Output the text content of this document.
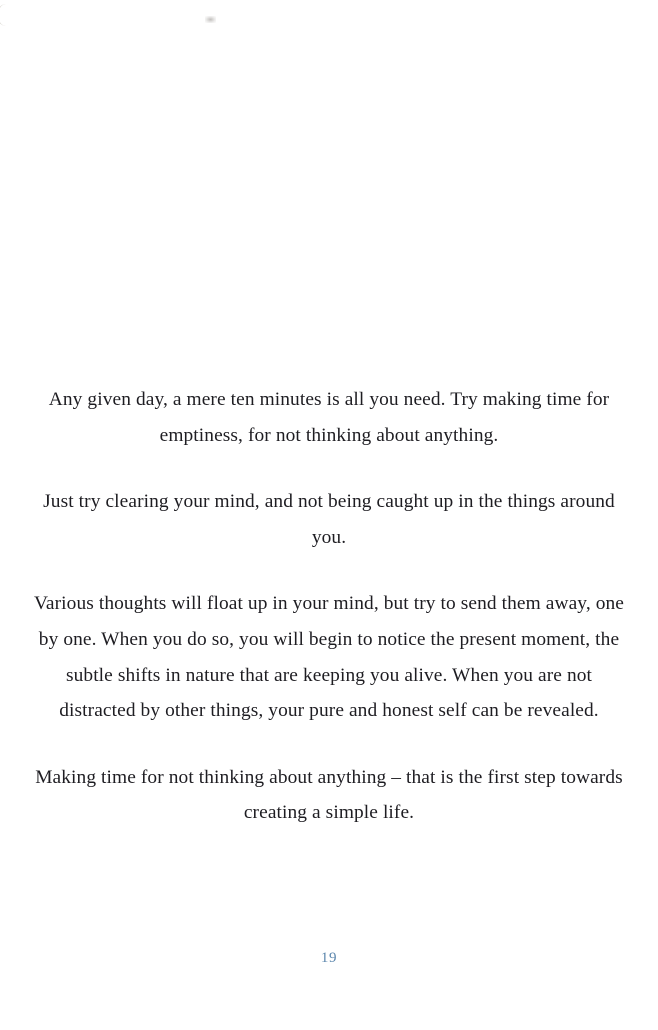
Any given day, a mere ten minutes is all you need. Try making time for emptiness, for not thinking about anything.

Just try clearing your mind, and not being caught up in the things around you.

Various thoughts will float up in your mind, but try to send them away, one by one. When you do so, you will begin to notice the present moment, the subtle shifts in nature that are keeping you alive. When you are not distracted by other things, your pure and honest self can be revealed.

Making time for not thinking about anything – that is the first step towards creating a simple life.

19
